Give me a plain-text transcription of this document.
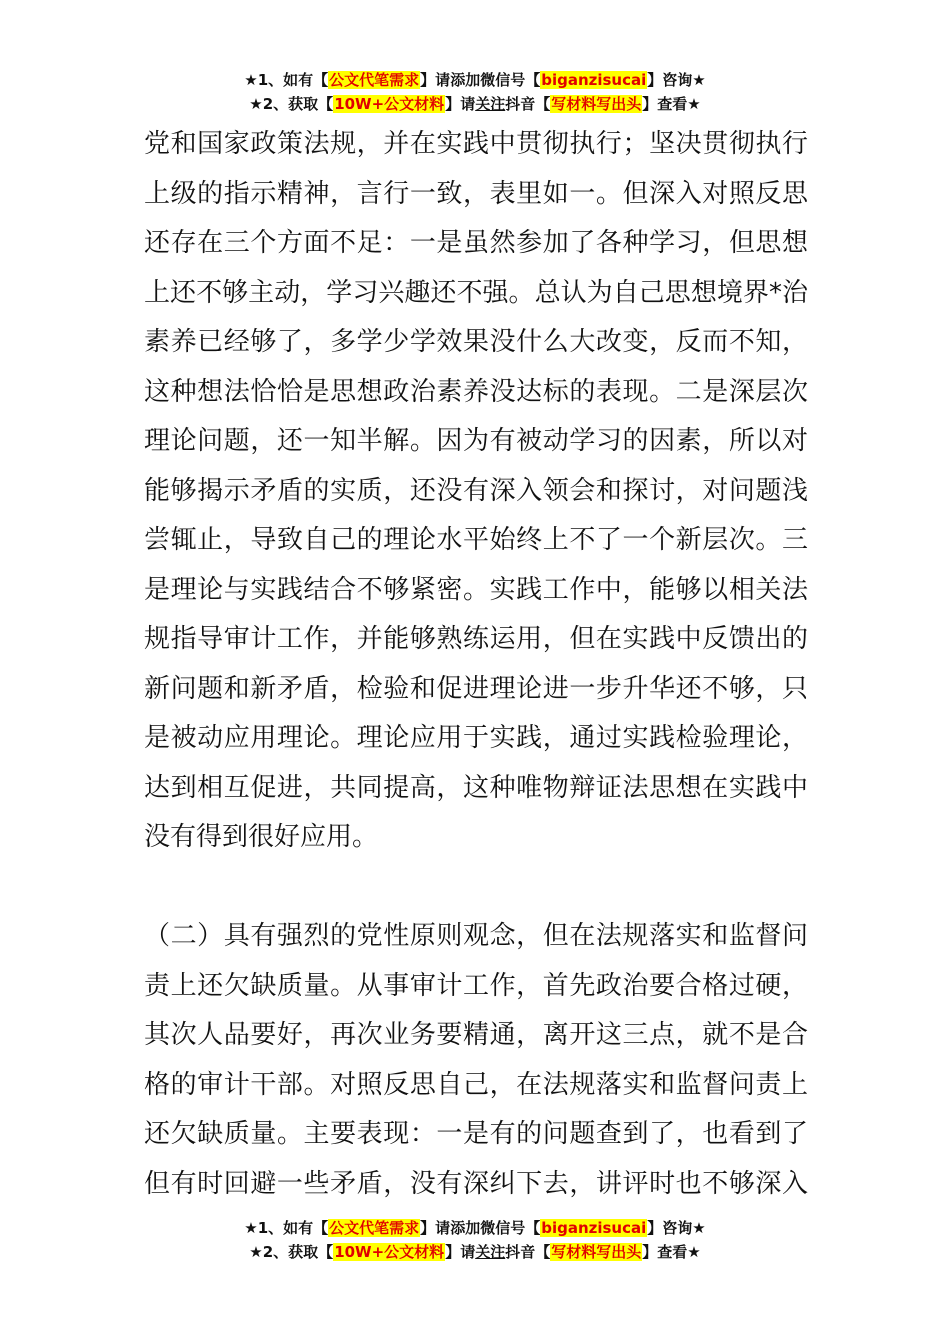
★1、如有【公文代笔需求】请添加微信号【biganzisucai】咨询★
★2、获取【10W+公文材料】请关注抖音【写材料写出头】查看★

党和国家政策法规，并在实践中贯彻执行；坚决贯彻执行
上级的指示精神，言行一致，表里如一。但深入对照反思
还存在三个方面不足：一是虽然参加了各种学习，但思想
上还不够主动，学习兴趣还不强。总认为自己思想境界*治
素养已经够了，多学少学效果没什么大改变，反而不知，
这种想法恰恰是思想政治素养没达标的表现。二是深层次
理论问题，还一知半解。因为有被动学习的因素，所以对
能够揭示矛盾的实质，还没有深入领会和探讨，对问题浅
尝辄止，导致自己的理论水平始终上不了一个新层次。三
是理论与实践结合不够紧密。实践工作中，能够以相关法
规指导审计工作，并能够熟练运用，但在实践中反馈出的
新问题和新矛盾，检验和促进理论进一步升华还不够，只
是被动应用理论。理论应用于实践，通过实践检验理论，
达到相互促进，共同提高，这种唯物辩证法思想在实践中
没有得到很好应用。

（二）具有强烈的党性原则观念，但在法规落实和监督问
责上还欠缺质量。从事审计工作，首先政治要合格过硬，
其次人品要好，再次业务要精通，离开这三点，就不是合
格的审计干部。对照反思自己，在法规落实和监督问责上
还欠缺质量。主要表现：一是有的问题查到了，也看到了
但有时回避一些矛盾，没有深纠下去，讲评时也不够深入

★1、如有【公文代笔需求】请添加微信号【biganzisucai】咨询★
★2、获取【10W+公文材料】请关注抖音【写材料写出头】查看★
